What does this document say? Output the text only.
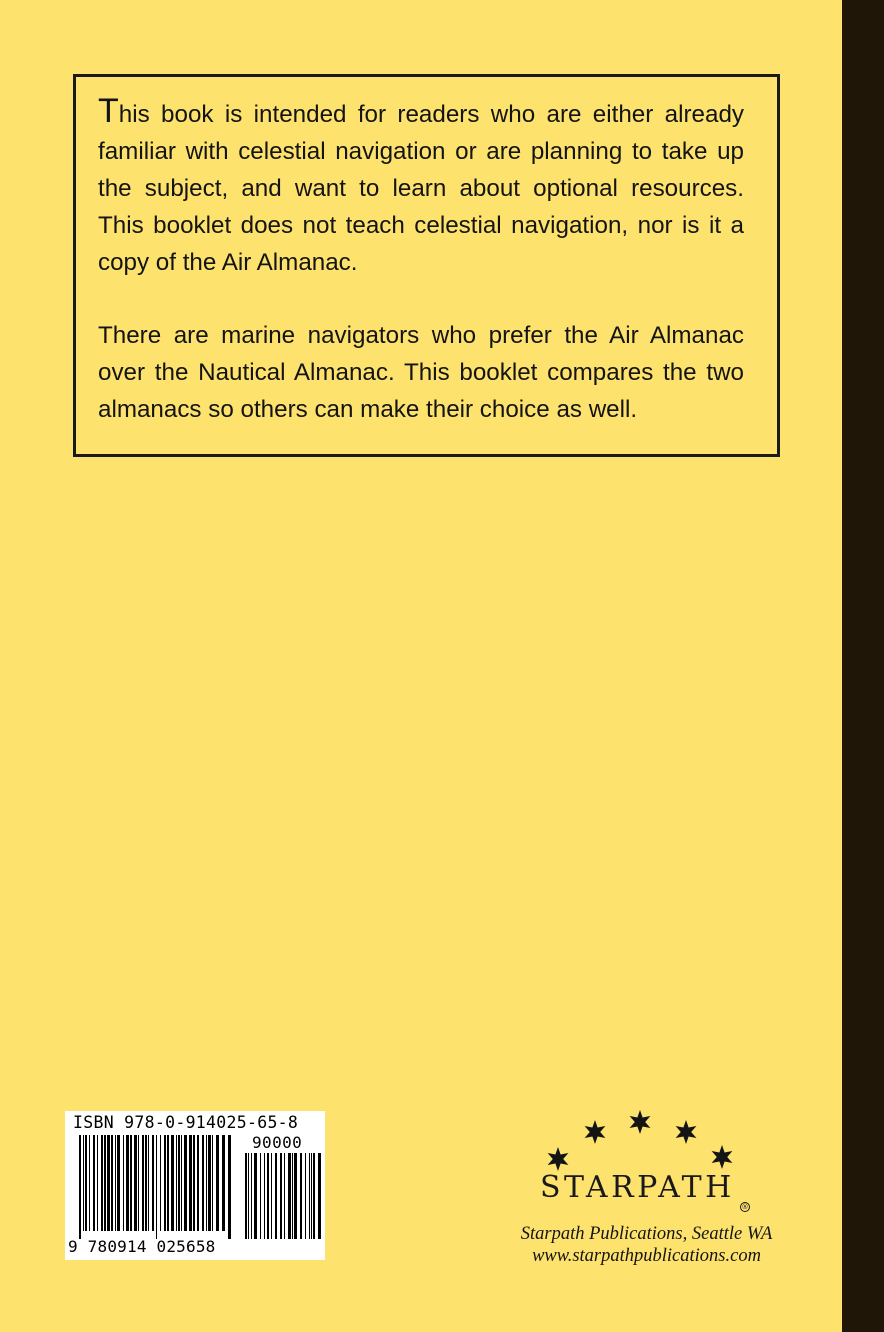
This book is intended for readers who are either already familiar with celestial navigation or are planning to take up the subject, and want to learn about optional resources. This booklet does not teach celestial navigation, nor is it a copy of the Air Almanac.

There are marine navigators who prefer the Air Almanac over the Nautical Almanac. This booklet compares the two almanacs so others can make their choice as well.

ISBN 978-0-914025-65-8
90000
9 780914 025658
STARPATH
®
Starpath Publications, Seattle WA
www.starpathpublications.com
